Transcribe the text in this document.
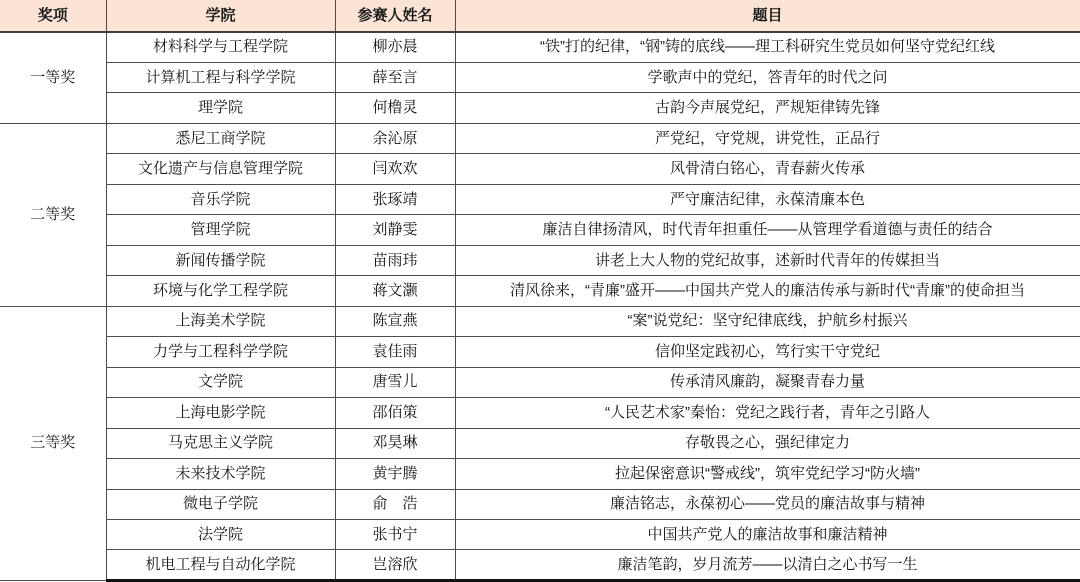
奖项	学院	参赛人姓名	题目
一等奖	材料科学与工程学院	柳亦晨	“铁”打的纪律，“钢”铸的底线——理工科研究生党员如何坚守党纪红线
	计算机工程与科学学院	薛至言	学歌声中的党纪，答青年的时代之问
	理学院	何橹灵	古韵今声展党纪，严规矩律铸先锋
二等奖	悉尼工商学院	余沁原	严党纪，守党规，讲党性，正品行
	文化遗产与信息管理学院	闫欢欢	风骨清白铭心，青春薪火传承
	音乐学院	张琢靖	严守廉洁纪律，永葆清廉本色
	管理学院	刘静雯	廉洁自律扬清风，时代青年担重任——从管理学看道德与责任的结合
	新闻传播学院	苗雨玮	讲老上大人物的党纪故事，述新时代青年的传媒担当
	环境与化学工程学院	蒋文灏	清风徐来，“青廉”盛开——中国共产党人的廉洁传承与新时代“青廉”的使命担当
三等奖	上海美术学院	陈宣燕	“案”说党纪：坚守纪律底线，护航乡村振兴
	力学与工程科学学院	袁佳雨	信仰坚定践初心，笃行实干守党纪
	文学院	唐雪儿	传承清风廉韵，凝聚青春力量
	上海电影学院	邵佰策	“人民艺术家”秦怡：党纪之践行者，青年之引路人
	马克思主义学院	邓昊琳	存敬畏之心，强纪律定力
	未来技术学院	黄宇腾	拉起保密意识“警戒线”，筑牢党纪学习“防火墙”
	微电子学院	俞　浩	廉洁铭志，永葆初心——党员的廉洁故事与精神
	法学院	张书宁	中国共产党人的廉洁故事和廉洁精神
	机电工程与自动化学院	岂溶欣	廉洁笔韵，岁月流芳——以清白之心书写一生
